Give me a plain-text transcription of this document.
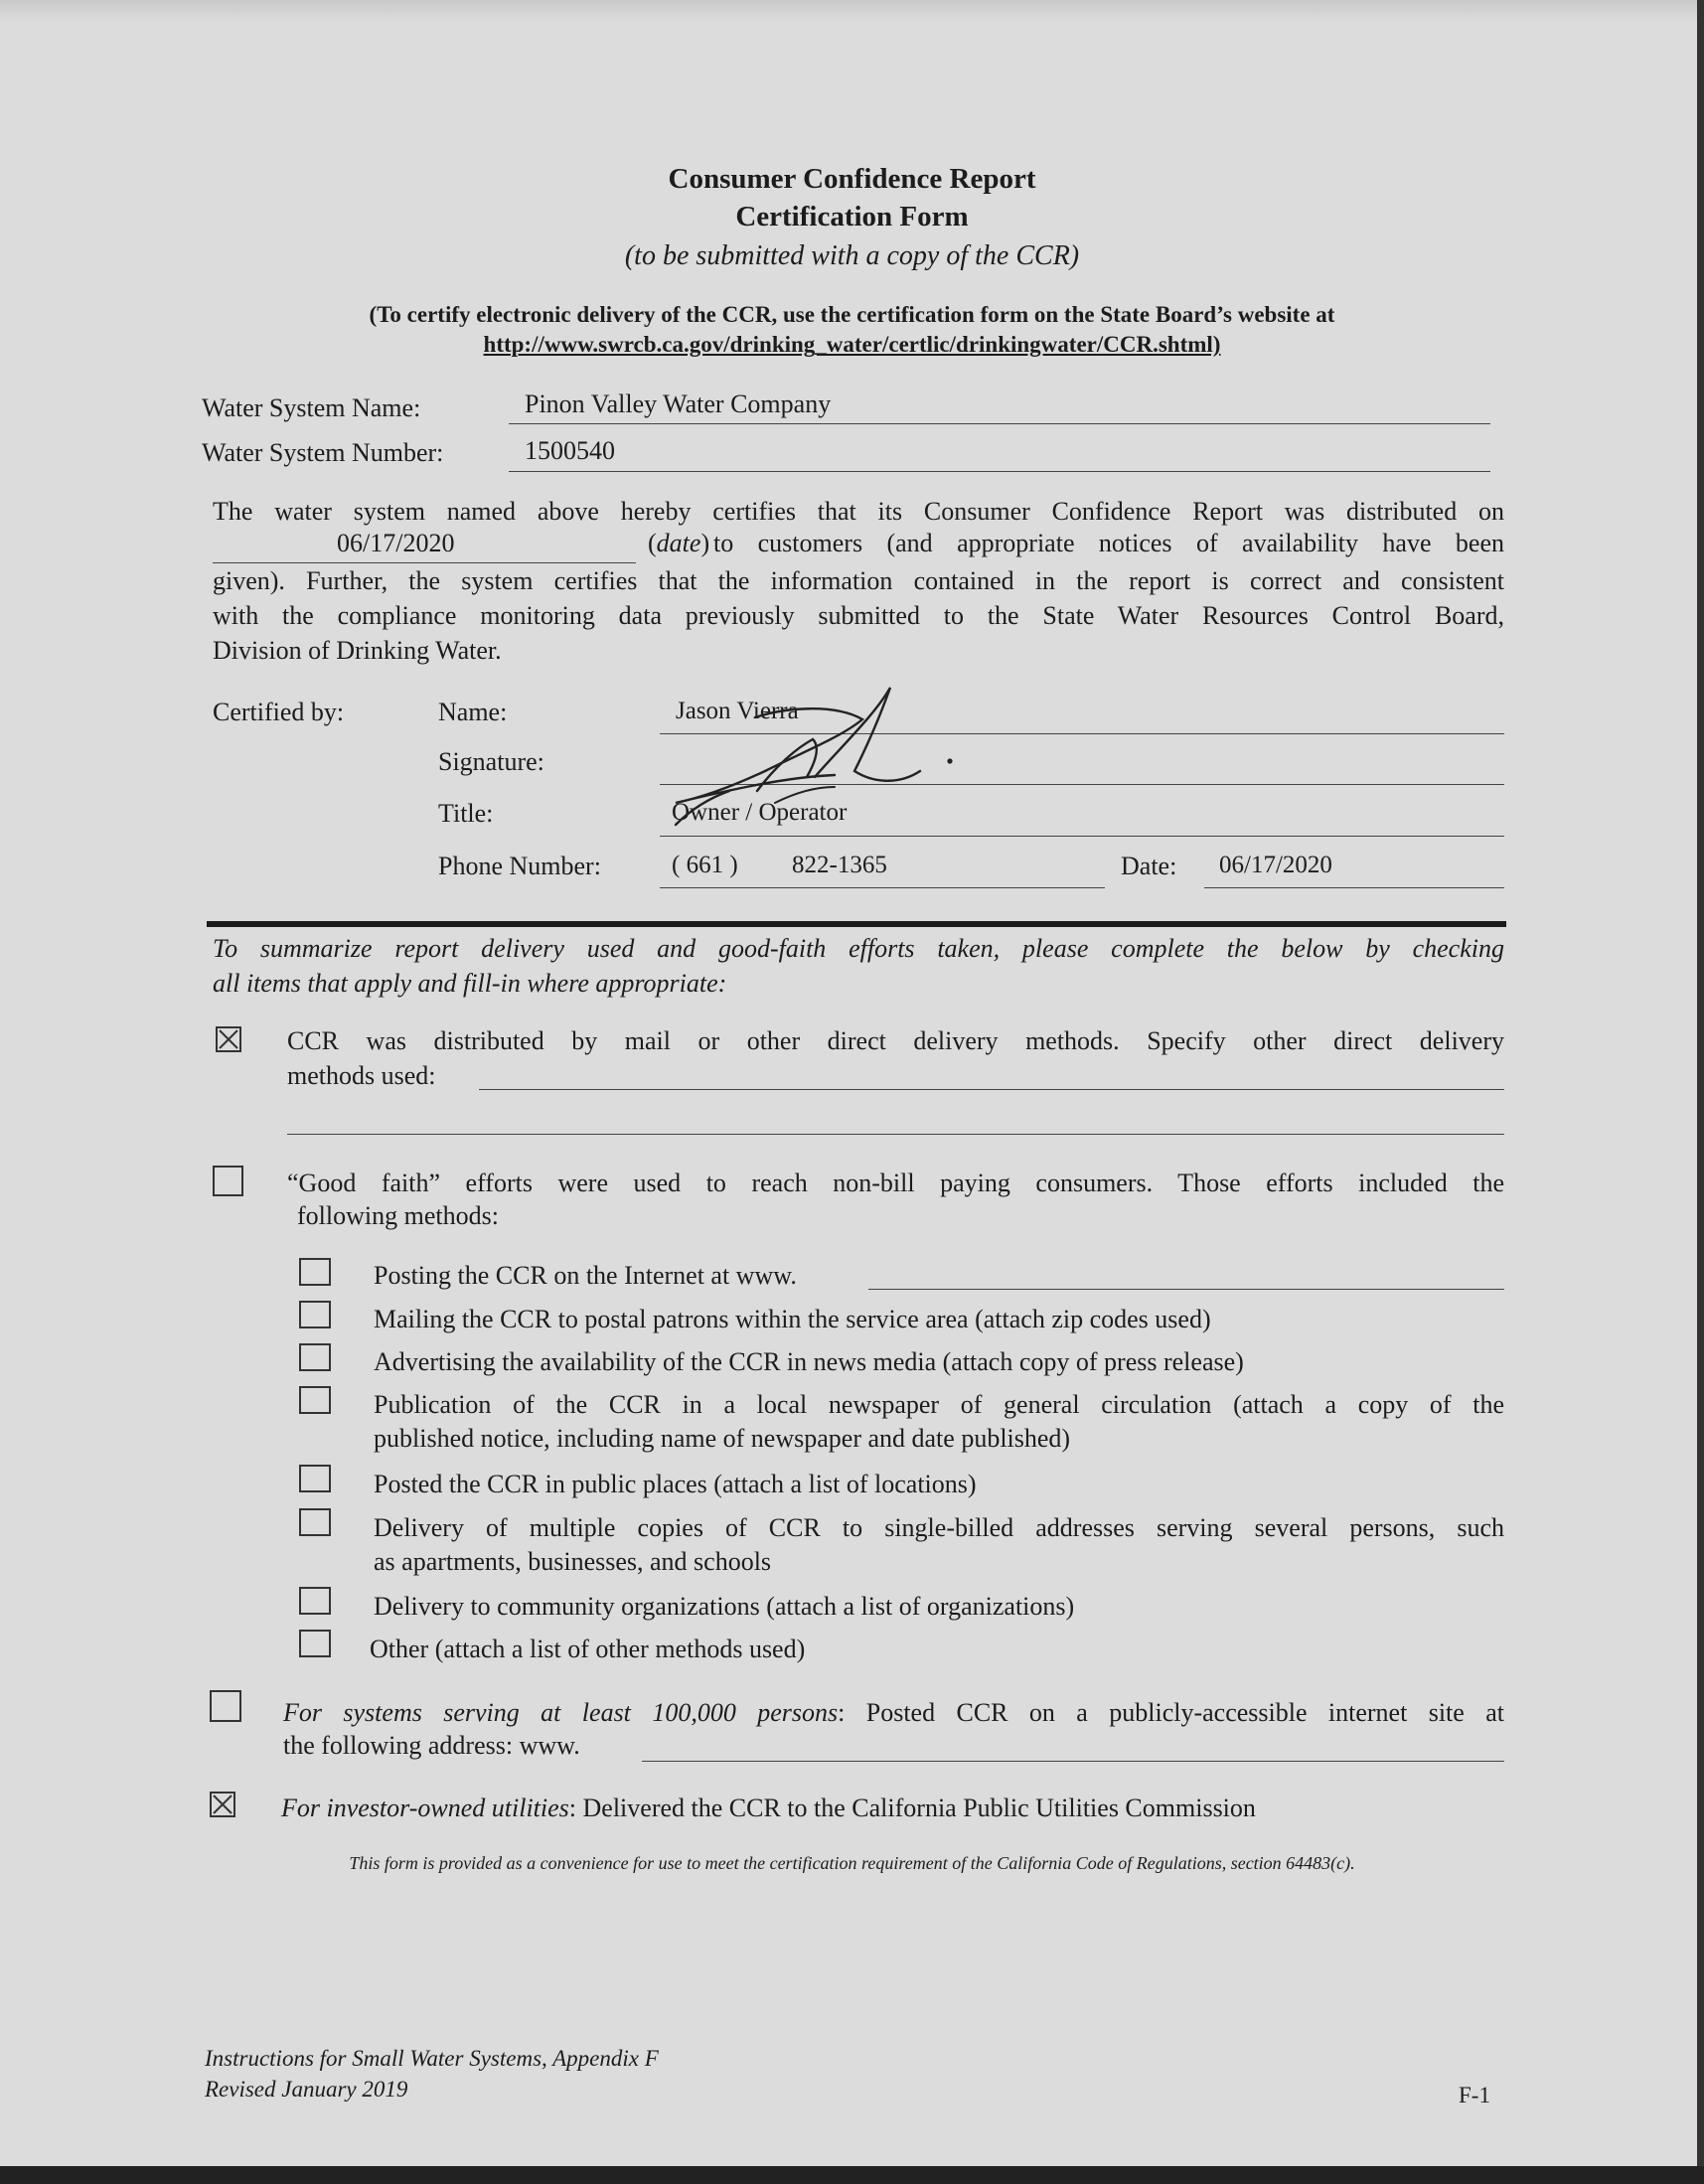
Consumer Confidence Report
Certification Form
(to be submitted with a copy of the CCR)
(To certify electronic delivery of the CCR, use the certification form on the State Board’s website at
http://www.swrcb.ca.gov/drinking_water/certlic/drinkingwater/CCR.shtml)
Water System Name:	Pinon Valley Water Company
Water System Number:	1500540
The water system named above hereby certifies that its Consumer Confidence Report was distributed on
06/17/2020	(date) to customers (and appropriate notices of availability have been
given). Further, the system certifies that the information contained in the report is correct and consistent
with the compliance monitoring data previously submitted to the State Water Resources Control Board,
Division of Drinking Water.
Certified by:	Name:	Jason Vierra
Signature:
Title:	Owner / Operator
Phone Number:	( 661 ) 822-1365	Date: 06/17/2020
To summarize report delivery used and good-faith efforts taken, please complete the below by checking
all items that apply and fill-in where appropriate:
CCR was distributed by mail or other direct delivery methods. Specify other direct delivery
methods used:
“Good faith” efforts were used to reach non-bill paying consumers. Those efforts included the
following methods:
Posting the CCR on the Internet at www.
Mailing the CCR to postal patrons within the service area (attach zip codes used)
Advertising the availability of the CCR in news media (attach copy of press release)
Publication of the CCR in a local newspaper of general circulation (attach a copy of the
published notice, including name of newspaper and date published)
Posted the CCR in public places (attach a list of locations)
Delivery of multiple copies of CCR to single-billed addresses serving several persons, such
as apartments, businesses, and schools
Delivery to community organizations (attach a list of organizations)
Other (attach a list of other methods used)
For systems serving at least 100,000 persons: Posted CCR on a publicly-accessible internet site at
the following address: www.
For investor-owned utilities: Delivered the CCR to the California Public Utilities Commission
This form is provided as a convenience for use to meet the certification requirement of the California Code of Regulations, section 64483(c).
Instructions for Small Water Systems, Appendix F
Revised January 2019	F-1
